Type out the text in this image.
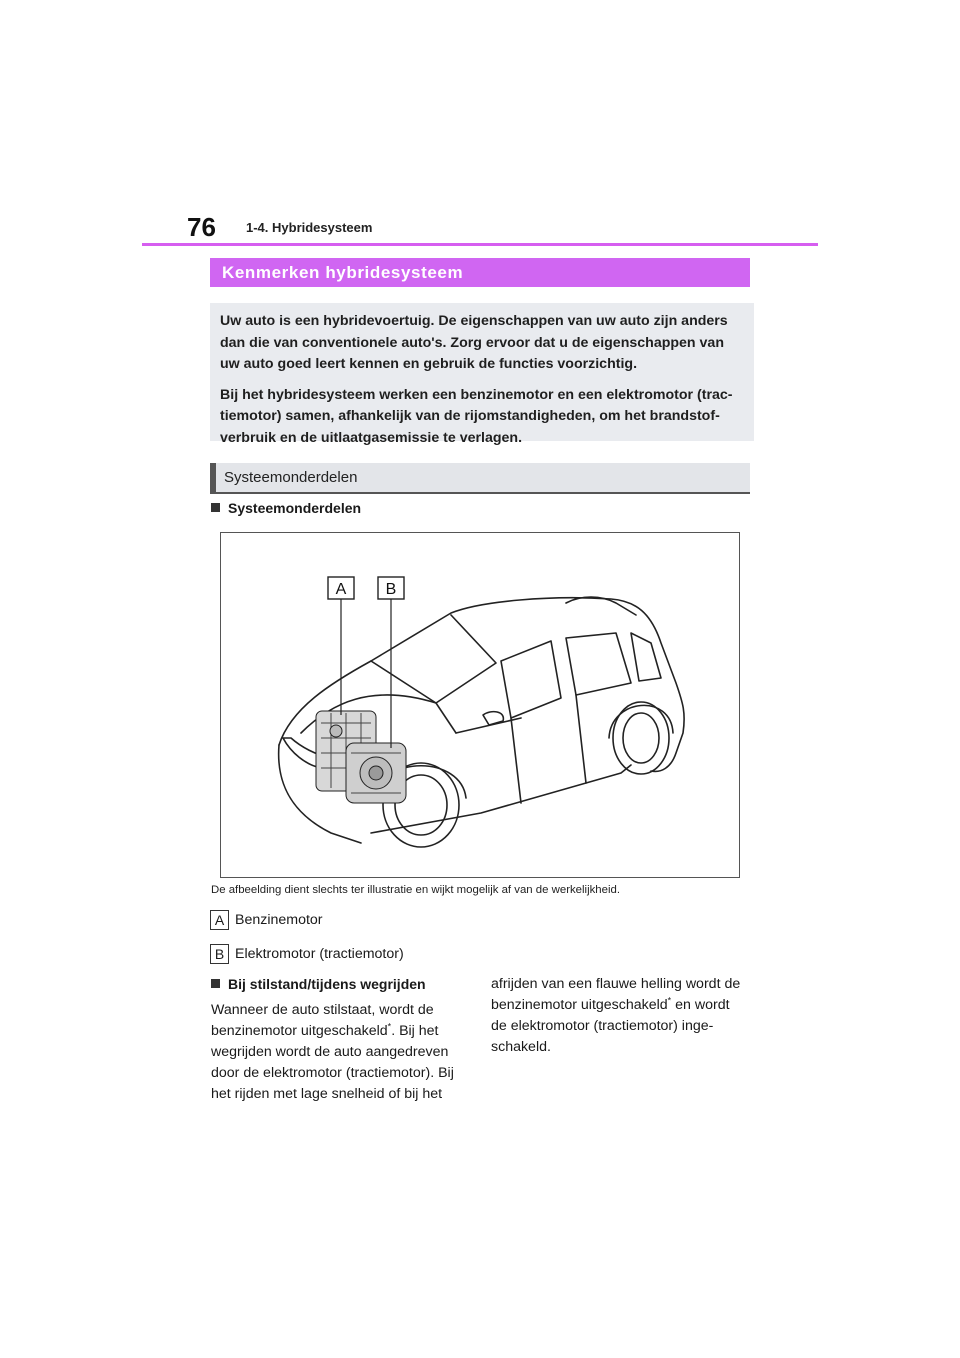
76 1-4. Hybridesysteem
Kenmerken hybridesysteem

Uw auto is een hybridevoertuig. De eigenschappen van uw auto zijn anders dan die van conventionele auto's. Zorg ervoor dat u de eigenschappen van uw auto goed leert kennen en gebruik de functies voorzichtig.

Bij het hybridesysteem werken een benzinemotor en een elektromotor (trac-tiemotor) samen, afhankelijk van de rijomstandigheden, om het brandstof-verbruik en de uitlaatgasemissie te verlagen.

Systeemonderdelen
Systeemonderdelen
A B
De afbeelding dient slechts ter illustratie en wijkt mogelijk af van de werkelijkheid.
A Benzinemotor
B Elektromotor (tractiemotor)
Bij stilstand/tijdens wegrijden

Wanneer de auto stilstaat, wordt de benzinemotor uitgeschakeld*. Bij het wegrijden wordt de auto aangedreven door de elektromotor (tractiemotor). Bij het rijden met lage snelheid of bij het

afrijden van een flauwe helling wordt de benzinemotor uitgeschakeld* en wordt de elektromotor (tractiemotor) inge-schakeld.
